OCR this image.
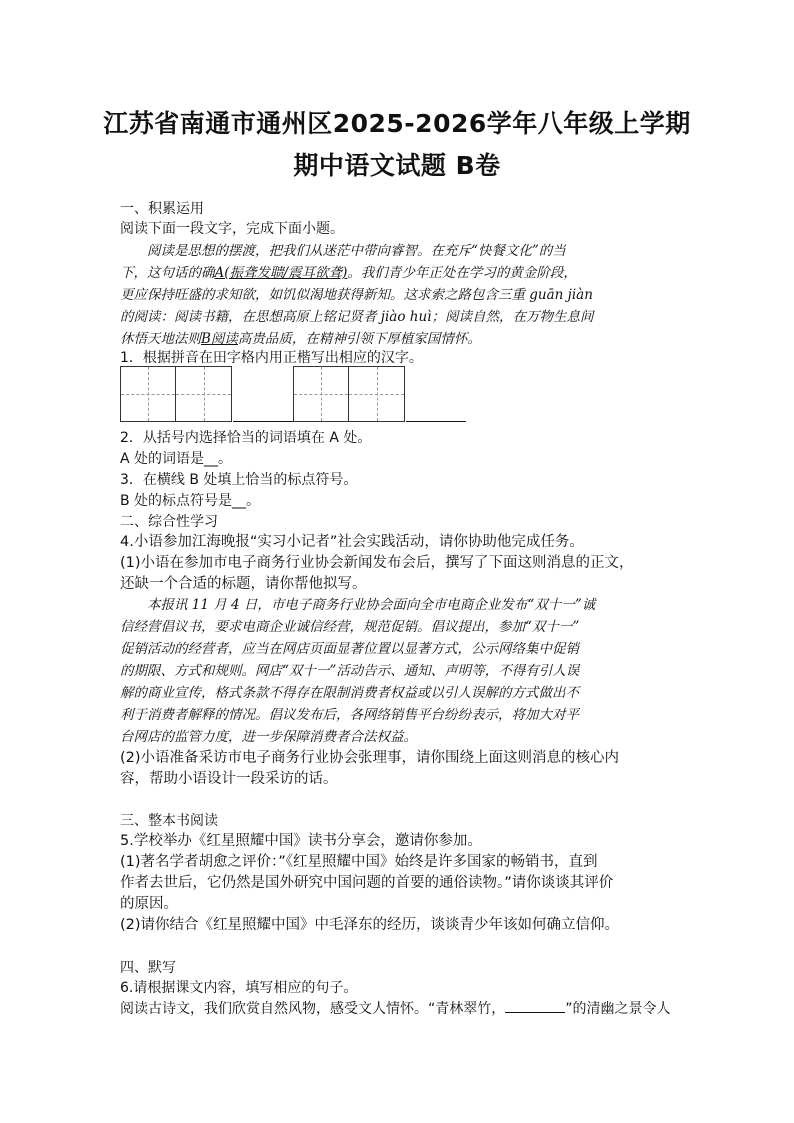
江苏省南通市通州区2025-2026学年八年级上学期
期中语文试题 B卷
一、积累运用
阅读下面一段文字，完成下面小题。
　　阅读是思想的摆渡，把我们从迷茫中带向睿智。在充斥“快餐文化”的当
下，这句话的确A(振聋发聩/震耳欲聋)。我们青少年正处在学习的黄金阶段，
更应保持旺盛的求知欲，如饥似渴地获得新知。这求索之路包含三重 guān jiàn
的阅读：阅读书籍，在思想高原上铭记贤者 jiào huì；阅读自然，在万物生息间
休悟天地法则B阅读高贵品质，在精神引领下厚植家国情怀。
1．根据拼音在田字格内用正楷写出相应的汉字。
2．从括号内选择恰当的词语填在 A 处。
A 处的词语是__。
3．在横线 B 处填上恰当的标点符号。
B 处的标点符号是__。
二、综合性学习
4.小语参加江海晚报“实习小记者”社会实践活动，请你协助他完成任务。
(1)小语在参加市电子商务行业协会新闻发布会后，撰写了下面这则消息的正文，
还缺一个合适的标题，请你帮他拟写。
　　本报讯 11 月 4 日，市电子商务行业协会面向全市电商企业发布“双十一”诚
信经营倡议书，要求电商企业诚信经营，规范促销。倡议提出，参加“双十一”
促销活动的经营者，应当在网店页面显著位置以显著方式，公示网络集中促销
的期限、方式和规则。网店“双十一”活动告示、通知、声明等，不得有引人误
解的商业宣传，格式条款不得存在限制消费者权益或以引人误解的方式做出不
利于消费者解释的情况。倡议发布后，各网络销售平台纷纷表示，将加大对平
台网店的监管力度，进一步保障消费者合法权益。
(2)小语准备采访市电子商务行业协会张理事，请你围绕上面这则消息的核心内
容，帮助小语设计一段采访的话。
三、整本书阅读
5.学校举办《红星照耀中国》读书分享会，邀请你参加。
(1)著名学者胡愈之评价：”《红星照耀中国》始终是许多国家的畅销书，直到
作者去世后，它仍然是国外研究中国问题的首要的通俗读物。”请你谈谈其评价
的原因。
(2)请你结合《红星照耀中国》中毛泽东的经历，谈谈青少年该如何确立信仰。
四、默写
6.请根据课文内容，填写相应的句子。
阅读古诗文，我们欣赏自然风物，感受文人情怀。“青林翠竹，	”的清幽之景令人
